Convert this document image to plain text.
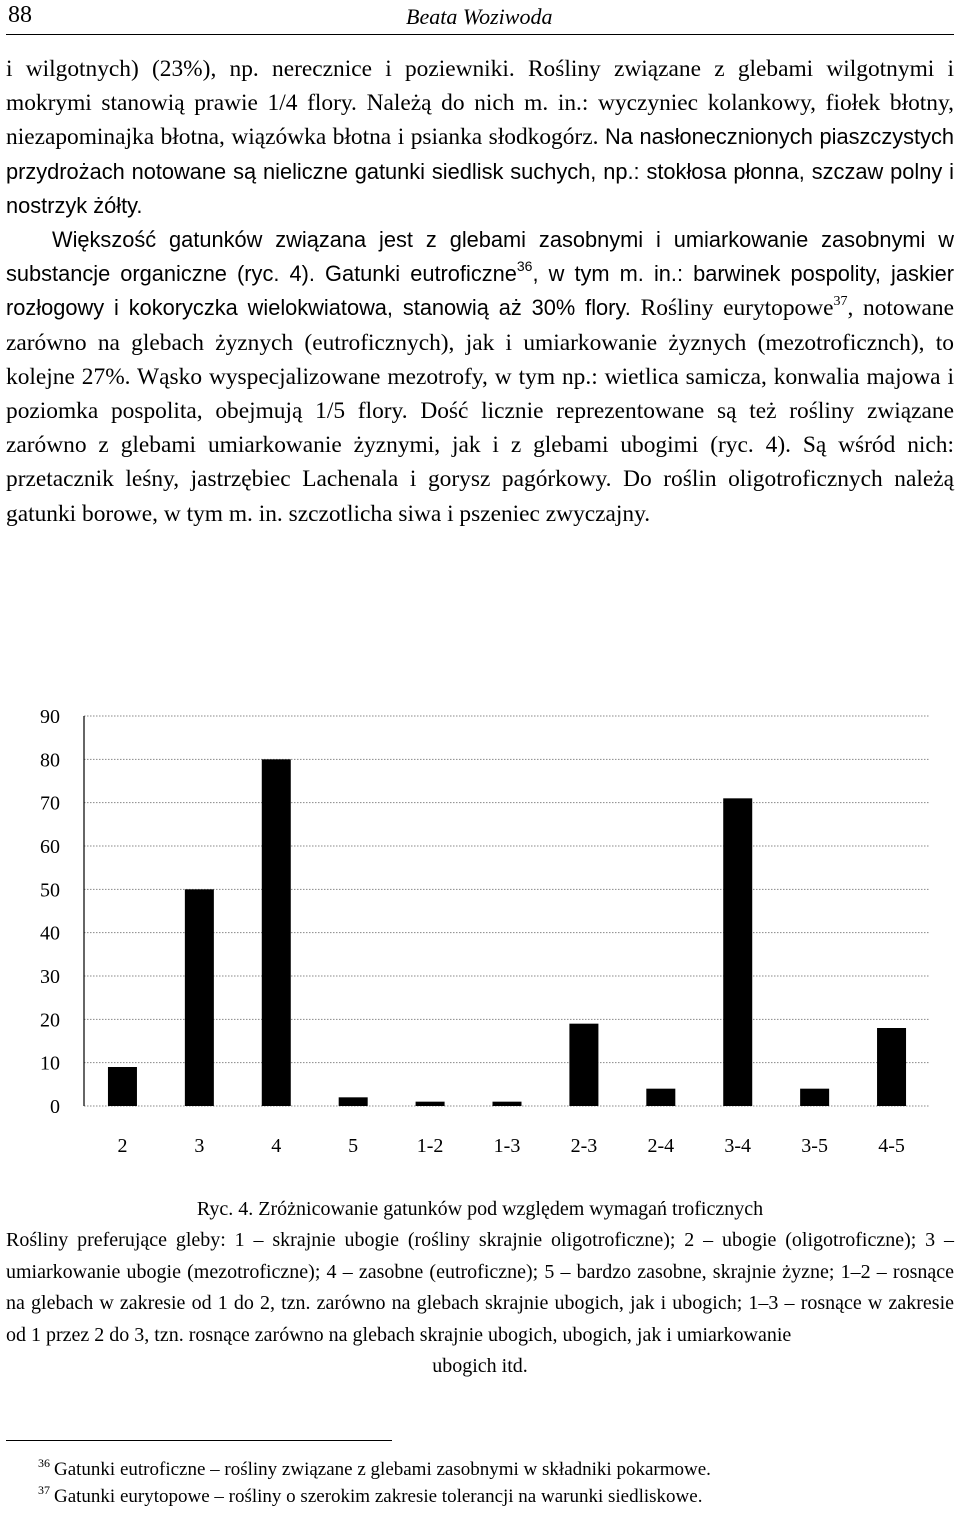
88	Beata Woziwoda

i wilgotnych) (23%), np. nerecznice i poziewniki. Rośliny związane z glebami wilgotnymi i mokrymi stanowią prawie 1/4 flory. Należą do nich m. in.: wyczyniec kolankowy, fiołek błotny, niezapominajka błotna, wiązówka błotna i psianka słodkogórz. Na nasłonecznionych piaszczystych przydrożach notowane są nieliczne gatunki siedlisk suchych, np.: stokłosa płonna, szczaw polny i nostrzyk żółty.

Większość gatunków związana jest z glebami zasobnymi i umiarkowanie zasobnymi w substancje organiczne (ryc. 4). Gatunki eutroficzne$^{36}$, w tym m. in.: barwinek pospolity, jaskier rozłogowy i kokoryczka wielokwiatowa, stanowią aż 30% flory. Rośliny eurytopowe$^{37}$, notowane zarówno na glebach żyznych (eutroficznych), jak i umiarkowanie żyznych (mezotroficznch), to kolejne 27%. Wąsko wyspecjalizowane mezotrofy, w tym np.: wietlica samicza, konwalia majowa i poziomka pospolita, obejmują 1/5 flory. Dość licznie reprezentowane są też rośliny związane zarówno z glebami umiarkowanie żyznymi, jak i z glebami ubogimi (ryc. 4). Są wśród nich: przetacznik leśny, jastrzębiec Lachenala i gorysz pagórkowy. Do roślin oligotroficznych należą gatunki borowe, w tym m. in. szczotlicha siwa i pszeniec zwyczajny.

0
10
20
30
40
50
60
70
80
90
2	3	4	5	1-2	1-3	2-3	2-4	3-4	3-5	4-5
Ryc. 4. Zróżnicowanie gatunków pod względem wymagań troficznych
Rośliny preferujące gleby: 1 – skrajnie ubogie (rośliny skrajnie oligotroficzne); 2 – ubogie (oligotroficzne); 3 – umiarkowanie ubogie (mezotroficzne); 4 – zasobne (eutroficzne); 5 – bardzo zasobne, skrajnie żyzne; 1–2 – rosnące na glebach w zakresie od 1 do 2, tzn. zarówno na glebach skrajnie ubogich, jak i ubogich; 1–3 – rosnące w zakresie od 1 przez 2 do 3, tzn. rosnące zarówno na glebach skrajnie ubogich, ubogich, jak i umiarkowanie
ubogich itd.
$^{36}$ Gatunki eutroficzne – rośliny związane z glebami zasobnymi w składniki pokarmowe.
$^{37}$ Gatunki eurytopowe – rośliny o szerokim zakresie tolerancji na warunki siedliskowe.
